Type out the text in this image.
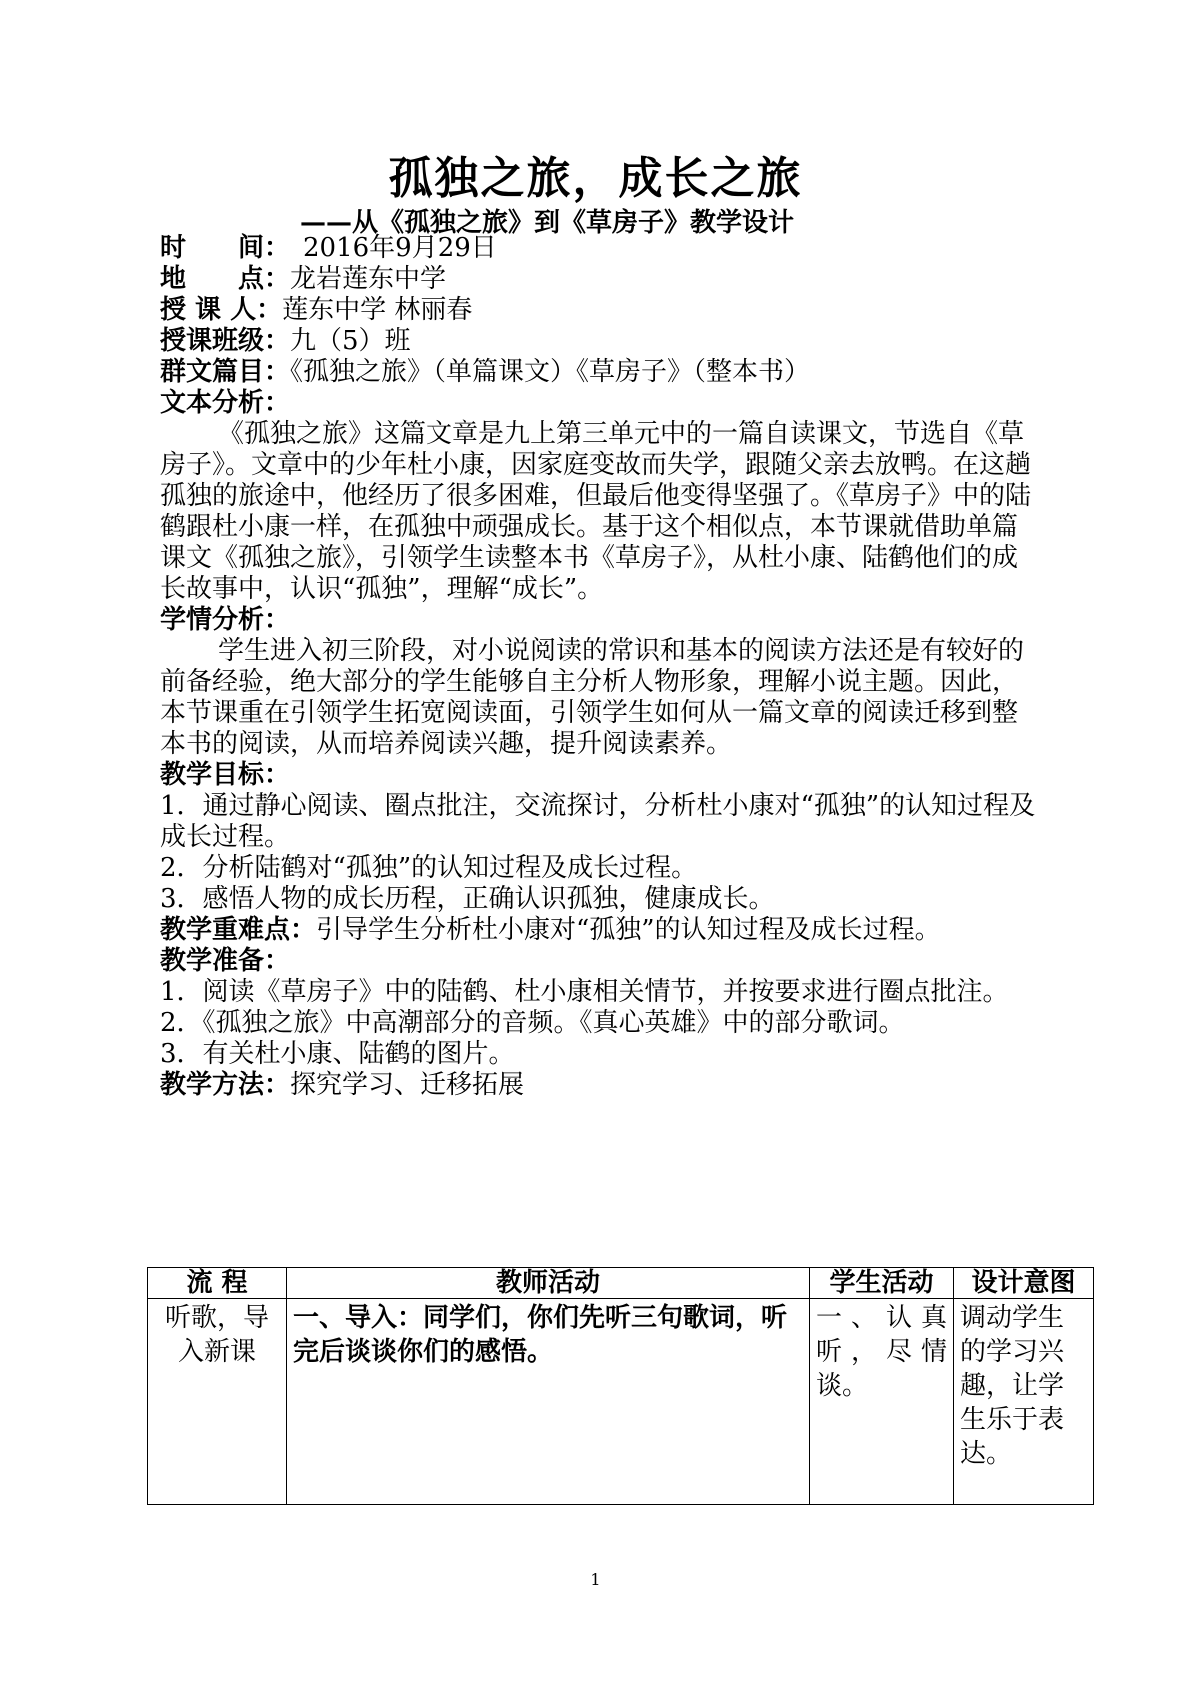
孤独之旅，成长之旅
——从《孤独之旅》到《草房子》教学设计
时　　间：　2016年9月29日
地　　点：龙岩莲东中学
授 课 人：莲东中学 林丽春
授课班级：九（5）班
群文篇目：《孤独之旅》（单篇课文）《草房子》（整本书）
文本分析：
《孤独之旅》这篇文章是九上第三单元中的一篇自读课文，节选自《草房子》。文章中的少年杜小康，因家庭变故而失学，跟随父亲去放鸭。在这趟孤独的旅途中，他经历了很多困难，但最后他变得坚强了。《草房子》中的陆鹤跟杜小康一样，在孤独中顽强成长。基于这个相似点，本节课就借助单篇课文《孤独之旅》，引领学生读整本书《草房子》，从杜小康、陆鹤他们的成长故事中，认识“孤独”，理解“成长”。
学情分析：
学生进入初三阶段，对小说阅读的常识和基本的阅读方法还是有较好的前备经验，绝大部分的学生能够自主分析人物形象，理解小说主题。因此，本节课重在引领学生拓宽阅读面，引领学生如何从一篇文章的阅读迁移到整本书的阅读，从而培养阅读兴趣，提升阅读素养。
教学目标：
1．通过静心阅读、圈点批注，交流探讨，分析杜小康对“孤独”的认知过程及成长过程。
2．分析陆鹤对“孤独”的认知过程及成长过程。
3．感悟人物的成长历程，正确认识孤独，健康成长。
教学重难点：引导学生分析杜小康对“孤独”的认知过程及成长过程。
教学准备：
1．阅读《草房子》中的陆鹤、杜小康相关情节，并按要求进行圈点批注。
2．《孤独之旅》中高潮部分的音频。《真心英雄》中的部分歌词。
3．有关杜小康、陆鹤的图片。
教学方法：探究学习、迁移拓展
流 程	教师活动	学生活动	设计意图
听歌，导入新课	一、导入：同学们，你们先听三句歌词，听完后谈谈你们的感悟。	一、认真听，尽情谈。	调动学生的学习兴趣，让学生乐于表达。
1
